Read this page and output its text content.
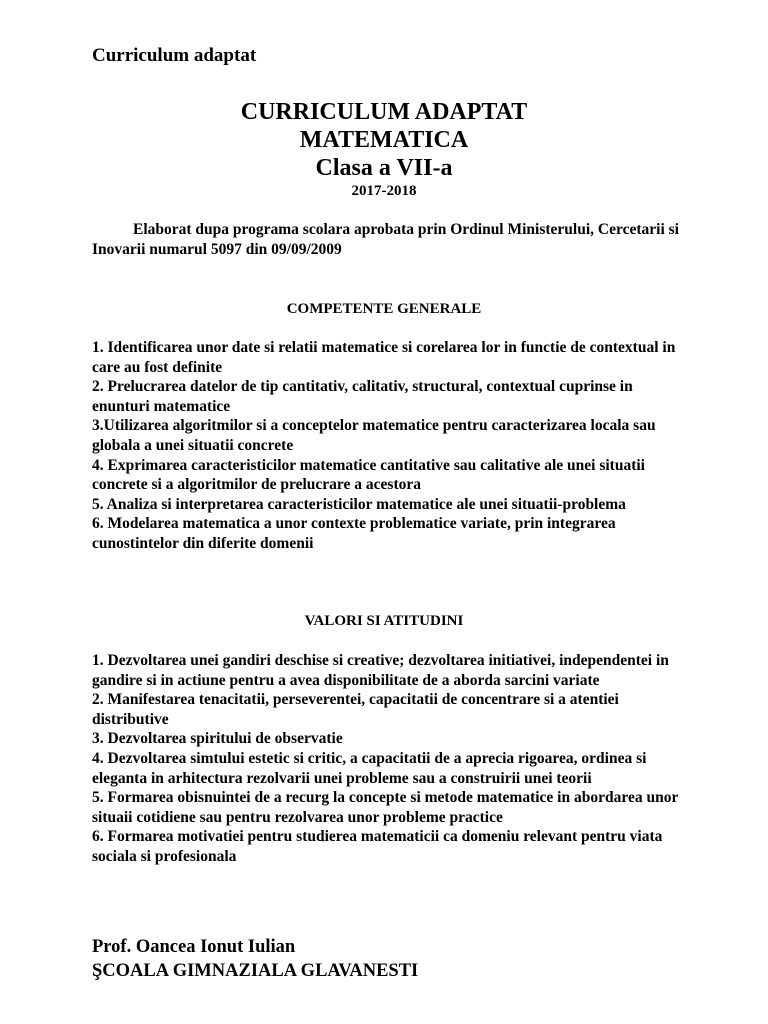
Curriculum adaptat
CURRICULUM ADAPTAT
MATEMATICA
Clasa a VII-a
2017-2018
Elaborat dupa programa scolara aprobata prin Ordinul Ministerului, Cercetarii si Inovarii numarul 5097 din 09/09/2009
COMPETENTE GENERALE
1. Identificarea unor date si relatii matematice si corelarea lor in functie de contextual in care au fost definite
2. Prelucrarea datelor de tip cantitativ, calitativ, structural, contextual cuprinse in enunturi matematice
3.Utilizarea algoritmilor si a conceptelor matematice pentru caracterizarea locala sau globala a unei situatii concrete
4. Exprimarea caracteristicilor matematice cantitative sau calitative ale unei situatii concrete si a algoritmilor de prelucrare a acestora
5. Analiza si interpretarea caracteristicilor matematice ale unei situatii-problema
6. Modelarea matematica a unor contexte problematice variate, prin integrarea cunostintelor din diferite domenii
VALORI SI ATITUDINI
1. Dezvoltarea unei gandiri deschise si creative; dezvoltarea initiativei, independentei in gandire si in actiune pentru a avea disponibilitate de a aborda sarcini variate
2. Manifestarea tenacitatii, perseverentei, capacitatii de concentrare si a atentiei distributive
3. Dezvoltarea spiritului de observatie
4. Dezvoltarea simtului estetic si critic, a capacitatii de a aprecia rigoarea, ordinea si eleganta in arhitectura rezolvarii unei probleme sau a construirii unei teorii
5. Formarea obisnuintei de a recurg la concepte si metode matematice in abordarea unor situaii cotidiene sau pentru rezolvarea unor probleme practice
6. Formarea motivatiei pentru studierea matematicii ca domeniu relevant pentru viata sociala si profesionala
Prof. Oancea Ionut Iulian
ŞCOALA GIMNAZIALA GLAVANESTI
